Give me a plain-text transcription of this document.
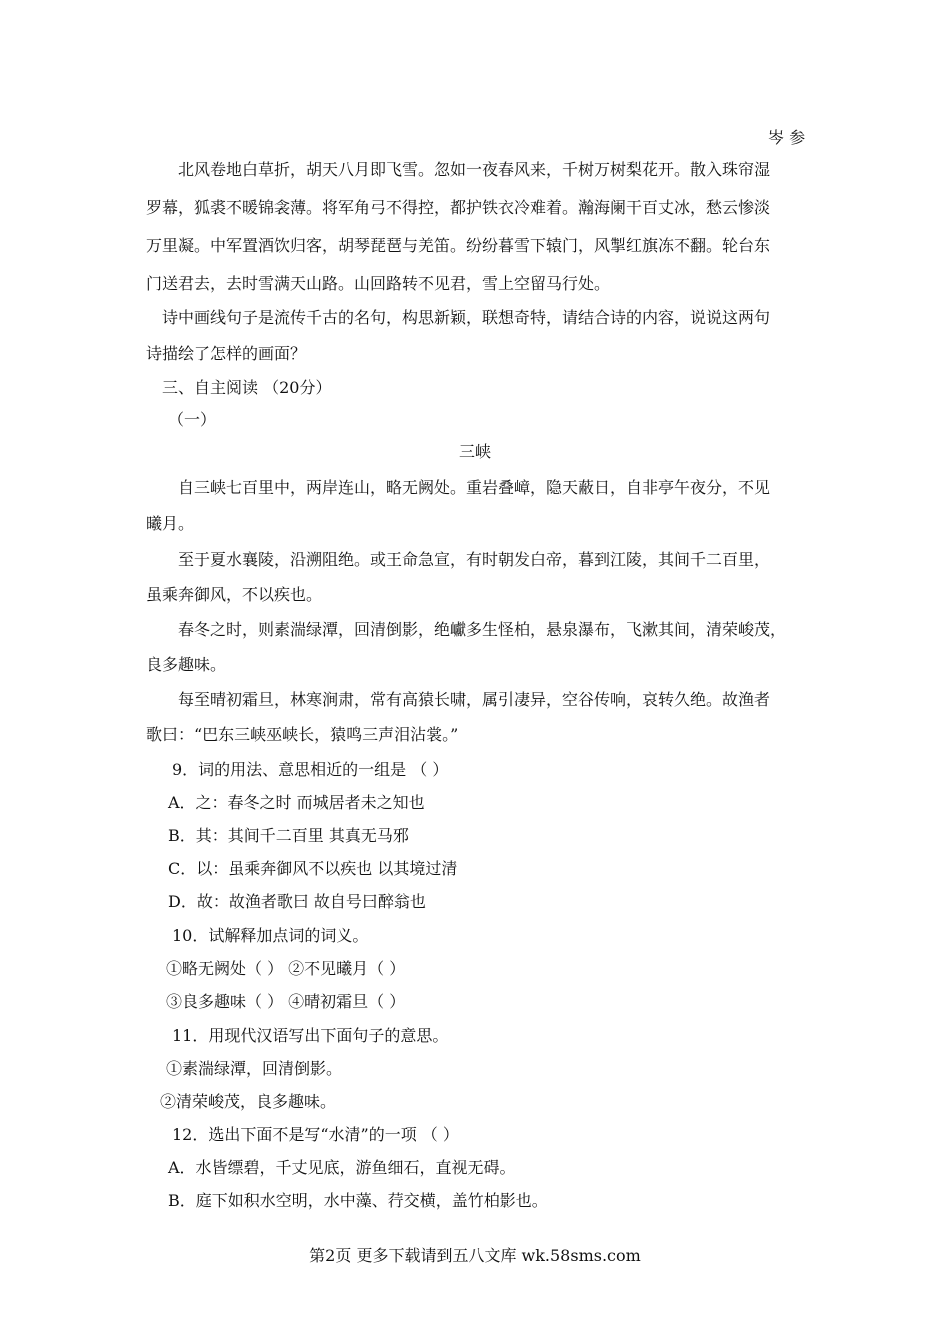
岑 参
北风卷地白草折，胡天八月即飞雪。忽如一夜春风来，千树万树梨花开。散入珠帘湿
罗幕，狐裘不暖锦衾薄。将军角弓不得控，都护铁衣冷难着。瀚海阑干百丈冰，愁云惨淡
万里凝。中军置酒饮归客，胡琴琵琶与羌笛。纷纷暮雪下辕门，风掣红旗冻不翻。轮台东
门送君去，去时雪满天山路。山回路转不见君，雪上空留马行处。
诗中画线句子是流传千古的名句，构思新颖，联想奇特，请结合诗的内容，说说这两句
诗描绘了怎样的画面？
三、自主阅读 （20分）
（一）
三峡
自三峡七百里中，两岸连山，略无阙处。重岩叠嶂，隐天蔽日，自非亭午夜分，不见
曦月。
至于夏水襄陵，沿溯阻绝。或王命急宣，有时朝发白帝，暮到江陵，其间千二百里，
虽乘奔御风，不以疾也。
春冬之时，则素湍绿潭，回清倒影，绝巘多生怪柏，悬泉瀑布，飞漱其间，清荣峻茂，
良多趣味。
每至晴初霜旦，林寒涧肃，常有高猿长啸，属引凄异，空谷传响，哀转久绝。故渔者
歌曰：“巴东三峡巫峡长，猿鸣三声泪沾裳。”
9．词的用法、意思相近的一组是 （ ）
A．之：春冬之时 而城居者未之知也
B．其：其间千二百里 其真无马邪
C．以：虽乘奔御风不以疾也 以其境过清
D．故：故渔者歌曰 故自号曰醉翁也
10．试解释加点词的词义。
①略无阙处（ ） ②不见曦月（ ）
③良多趣味（ ） ④晴初霜旦（ ）
11．用现代汉语写出下面句子的意思。
①素湍绿潭，回清倒影。
②清荣峻茂，良多趣味。
12．选出下面不是写“水清”的一项 （ ）
A．水皆缥碧，千丈见底，游鱼细石，直视无碍。
B．庭下如积水空明，水中藻、荇交横，盖竹柏影也。
第2页 更多下载请到五八文库 wk.58sms.com
